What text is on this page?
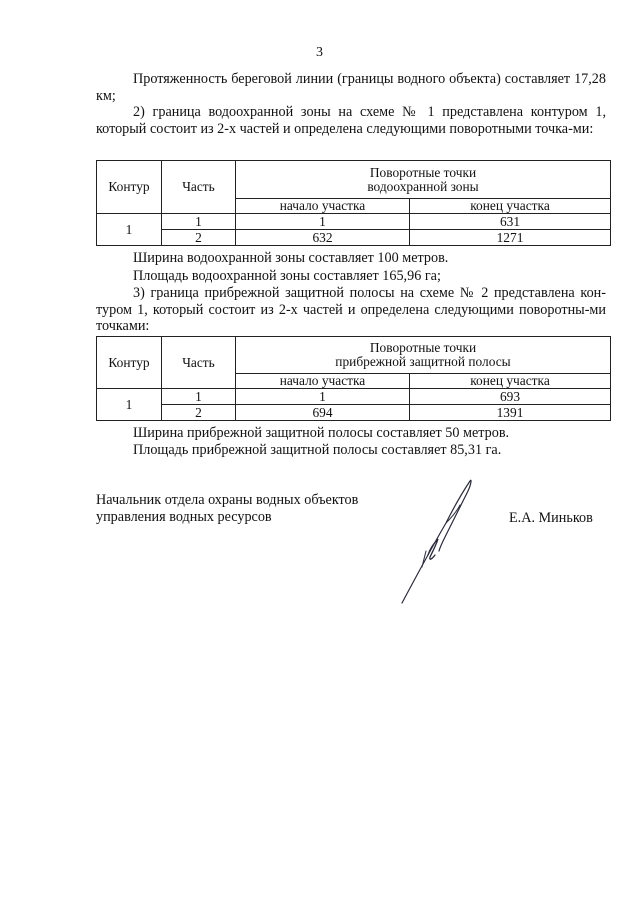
3
Протяженность береговой линии (границы водного объекта) составляет 17,28 км;
2) граница водоохранной зоны на схеме № 1 представлена контуром 1, который состоит из 2-х частей и определена следующими поворотными точка-ми:
Контур	Часть	Поворотные точки
водоохранной зоны	

		начало участка	конец участка
1	1	1	631
	2	632	1271
Ширина водоохранной зоны составляет 100 метров.
Площадь водоохранной зоны составляет 165,96 га;
3) граница прибрежной защитной полосы на схеме № 2 представлена кон-туром 1, который состоит из 2-х частей и определена следующими поворотны-ми точками:
Контур	Часть	Поворотные точки
прибрежной защитной полосы	

		начало участка	конец участка
1	1	1	693
	2	694	1391
Ширина прибрежной защитной полосы составляет 50 метров.
Площадь прибрежной защитной полосы составляет 85,31 га.
Начальник отдела охраны водных объектов
управления водных ресурсов	Е.А. Миньков
